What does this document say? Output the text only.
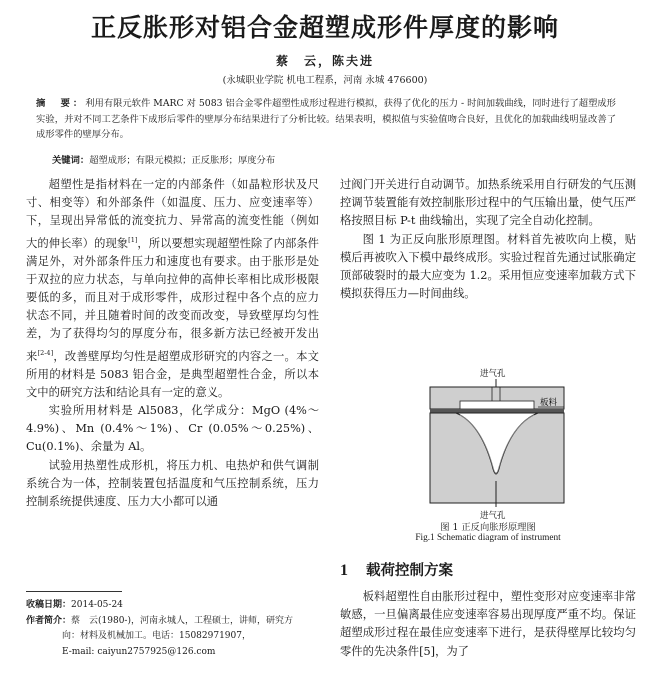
正反胀形对铝合金超塑成形件厚度的影响
蔡　云，陈夫进
(永城职业学院 机电工程系，河南 永城 476600)
摘　要：利用有限元软件 MARC 对 5083 铝合金零件超塑性成形过程进行模拟，获得了优化的压力 - 时间加载曲线，同时进行了超塑成形实验，并对不同工艺条件下成形后零件的壁厚分布结果进行了分析比较。结果表明，模拟值与实验值吻合良好，且优化的加载曲线明显改善了成形零件的壁厚分布。
关键词：超塑成形；有限元模拟；正反胀形；厚度分布

超塑性是指材料在一定的内部条件（如晶粒形状及尺寸、相变等）和外部条件（如温度、压力、应变速率等）下，呈现出异常低的流变抗力、异常高的流变性能（例如大的伸长率）的现象[1]，所以要想实现超塑性除了内部条件满足外，对外部条件压力和速度也有要求。由于胀形是处于双拉的应力状态，与单向拉伸的高伸长率相比成形极限要低的多，而且对于成形零件，成形过程中各个点的应力状态不同，并且随着时间的改变而改变，导致壁厚均匀性差，为了获得均匀的厚度分布，很多新方法已经被开发出来[2-4]，改善壁厚均匀性是超塑成形研究的内容之一。本文所用的材料是 5083 铝合金，是典型超塑性合金，所以本文中的研究方法和结论具有一定的意义。

实验所用材料是 Al5083，化学成分：MgO (4%～4.9%)、Mn (0.4%～1%)、Cr (0.05%～0.25%)、Cu(0.1%)、余量为 Al。

试验用热塑性成形机，将压力机、电热炉和供气调制系统合为一体，控制装置包括温度和气压控制系统，压力控制系统提供速度、压力大小都可以通

过阀门开关进行自动调节。加热系统采用自行研发的气压测控调节装置能有效控制胀形过程中的气压输出量，使气压严格按照目标 P-t 曲线输出，实现了完全自动化控制。

图 1 为正反向胀形原理图。材料首先被吹向上模，贴模后再被吹入下模中最终成形。实验过程首先通过试胀确定顶部破裂时的最大应变为 1.2。采用恒应变速率加载方式下模拟获得压力—时间曲线。

进气孔
板料
进气孔
图 1 正反向胀形原理图
Fig.1 Schematic diagram of instrument
1 载荷控制方案

板料超塑性自由胀形过程中，塑性变形对应变速率非常敏感，一旦偏离最佳应变速率容易出现厚度严重不均。保证超塑成形过程在最佳应变速率下进行，是获得壁厚比较均匀零件的先决条件[5]，为了

收稿日期：2014-05-24
作者简介：蔡　云(1980-)，河南永城人，工程硕士，讲师，研究方
向：材料及机械加工。电话：15082971907，
E-mail: caiyun2757925@126.com
